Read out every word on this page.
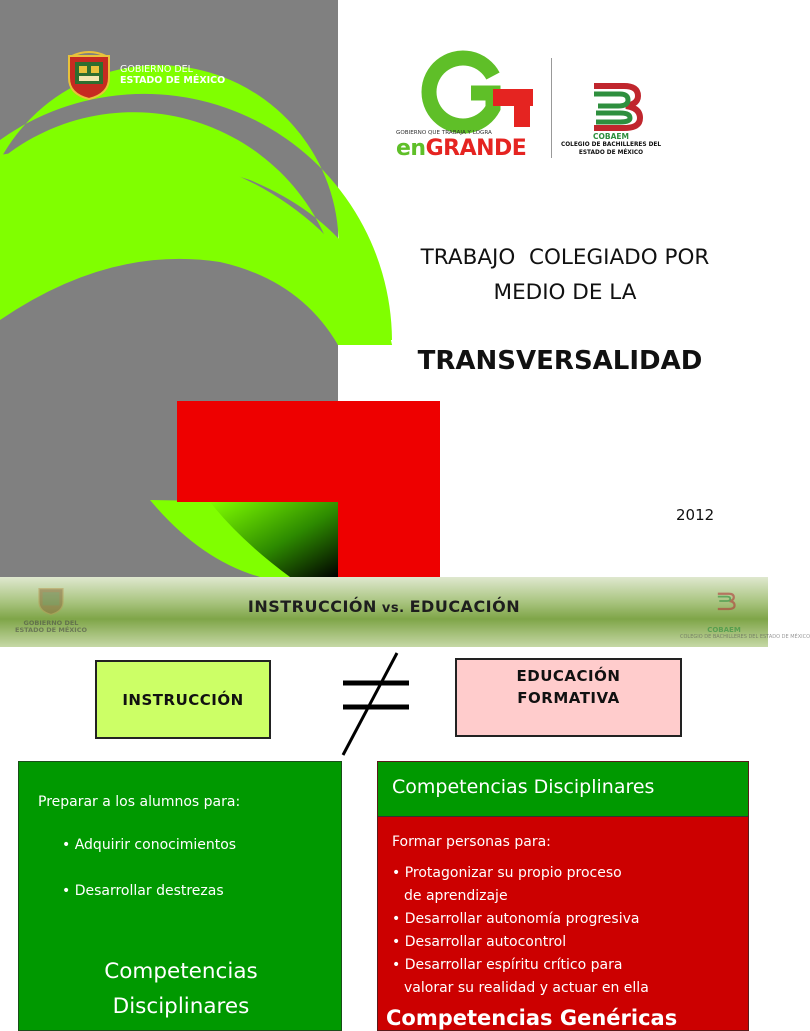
GOBIERNO DEL
ESTADO DE MÉXICO
GOBIERNO QUE TRABAJA Y LOGRA
enGRANDE	COBAEM
COLEGIO DE BACHILLERES DEL
ESTADO DE MÉXICO
TRABAJO  COLEGIADO POR
MEDIO DE LA
TRANSVERSALIDAD
2012
GOBIERNO DEL
ESTADO DE MÉXICO
INSTRUCCIÓN vs. EDUCACIÓN
COBAEM
COLEGIO DE BACHILLERES DEL ESTADO DE MÉXICO
INSTRUCCIÓN
EDUCACIÓN
FORMATIVA
Preparar a los alumnos para:
• Adquirir conocimientos
• Desarrollar destrezas
Competencias
Disciplinares
Competencias Disciplinares
Formar personas para:
• Protagonizar su propio proceso
de aprendizaje
• Desarrollar autonomía progresiva
• Desarrollar autocontrol
• Desarrollar espíritu crítico para
valorar su realidad y actuar en ella
Competencias Genéricas
